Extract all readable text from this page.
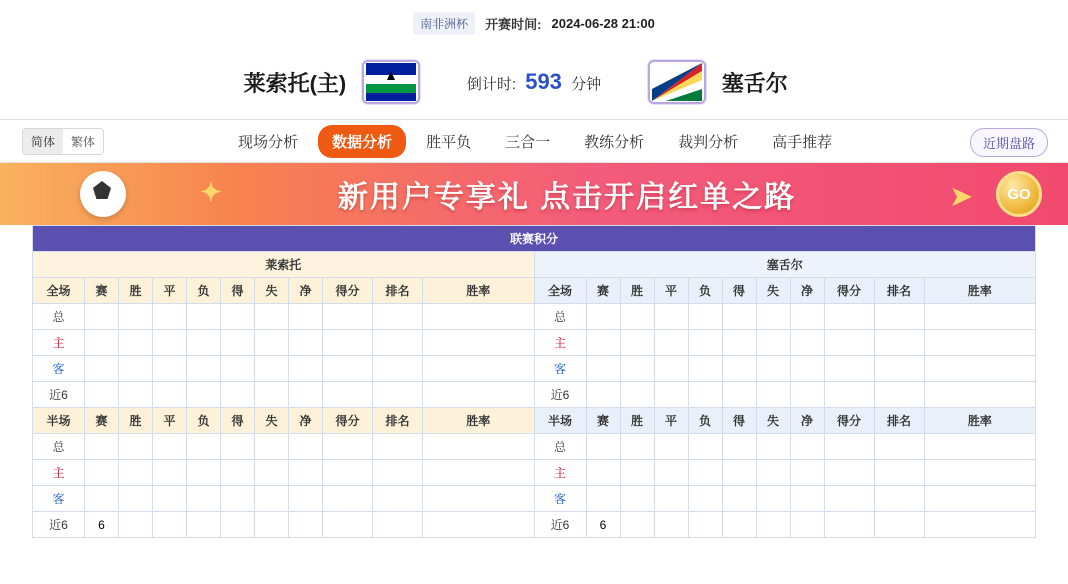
南非洲杯	开赛时间: 2024-06-28 21:00
莱索托(主)	倒计时: 593 分钟	塞舌尔
简体	繁体	现场分析	数据分析	胜平负	三合一	教练分析	裁判分析	高手推荐	近期盘路
✦	新用户专享礼 点击开启红单之路	➤	GO
联赛积分																					
莱索托											塞舌尔										
全场	赛	胜	平	负	得	失	净	得分	排名	胜率	全场	赛	胜	平	负	得	失	净	得分	排名	胜率
总											总										
主											主										
客											客										
近6											近6										
半场	赛	胜	平	负	得	失	净	得分	排名	胜率	半场	赛	胜	平	负	得	失	净	得分	排名	胜率
总											总										
主											主										
客											客										
近6	6										近6	6									
